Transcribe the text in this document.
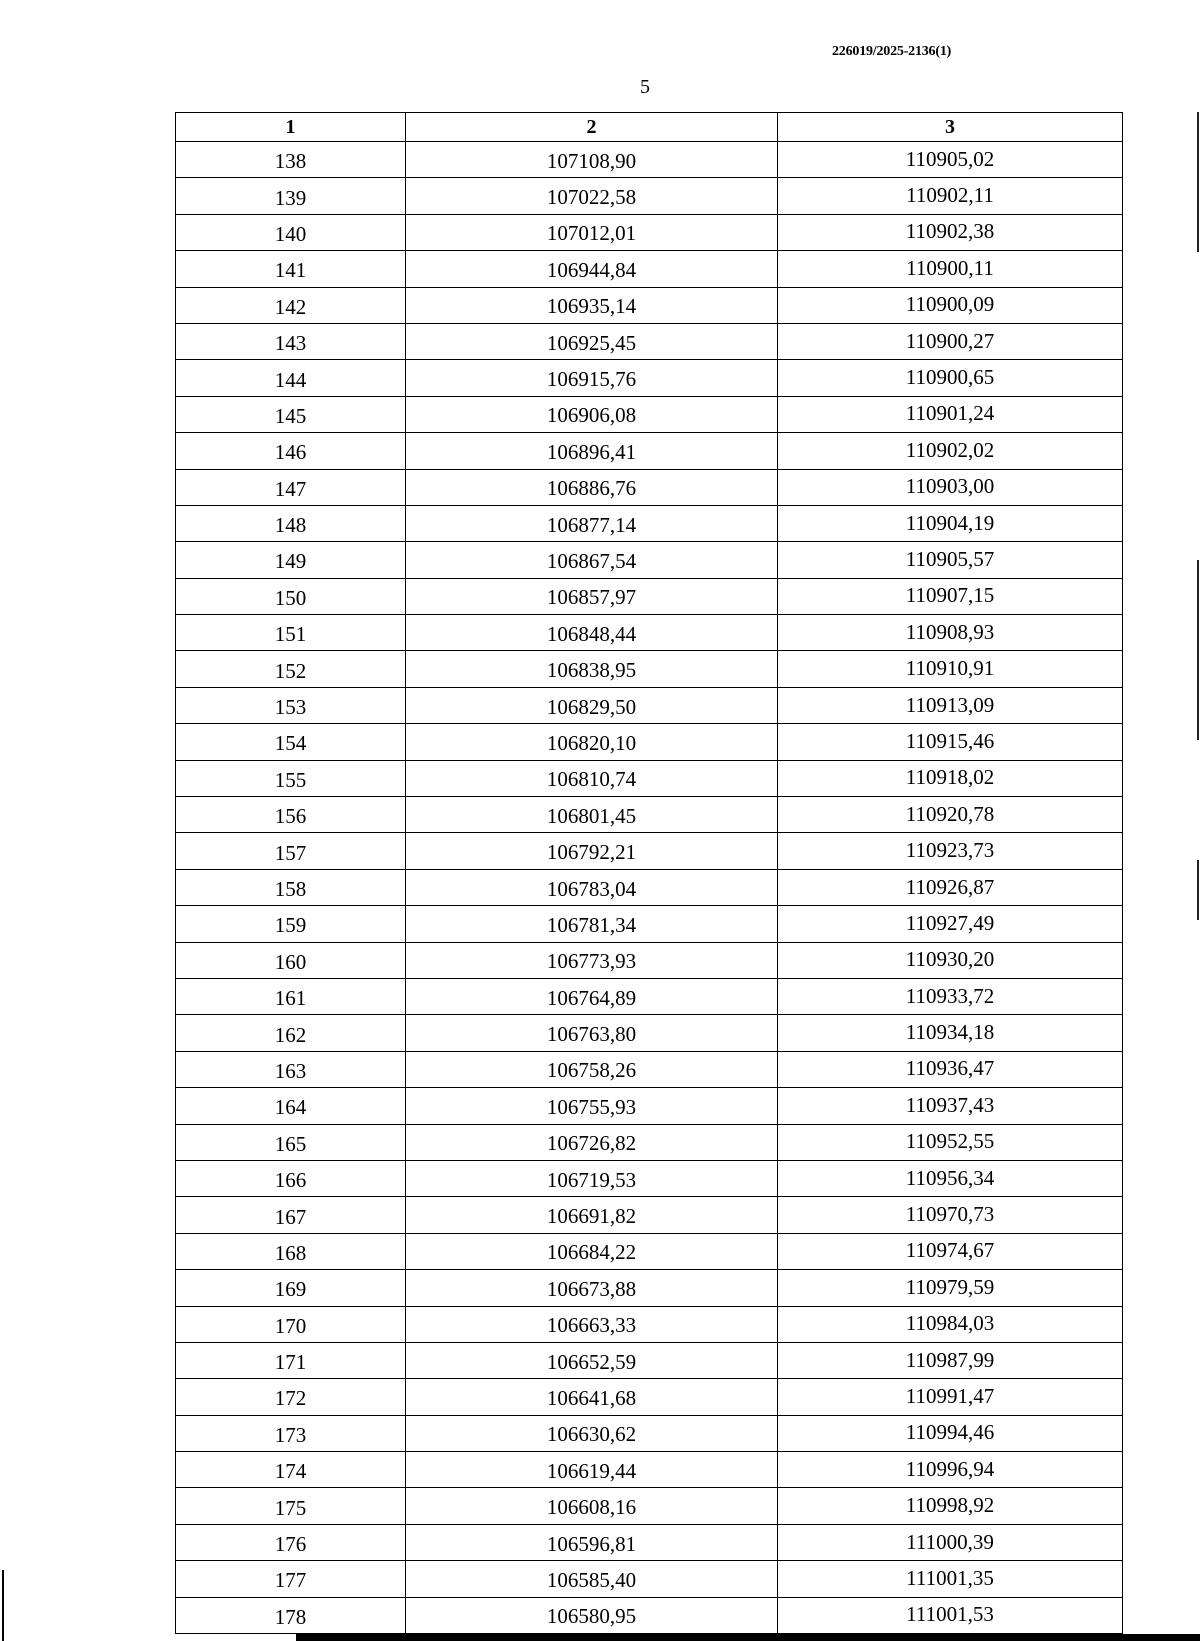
226019/2025-2136(1)
5
1	2	3
138	107108,90	110905,02
139	107022,58	110902,11
140	107012,01	110902,38
141	106944,84	110900,11
142	106935,14	110900,09
143	106925,45	110900,27
144	106915,76	110900,65
145	106906,08	110901,24
146	106896,41	110902,02
147	106886,76	110903,00
148	106877,14	110904,19
149	106867,54	110905,57
150	106857,97	110907,15
151	106848,44	110908,93
152	106838,95	110910,91
153	106829,50	110913,09
154	106820,10	110915,46
155	106810,74	110918,02
156	106801,45	110920,78
157	106792,21	110923,73
158	106783,04	110926,87
159	106781,34	110927,49
160	106773,93	110930,20
161	106764,89	110933,72
162	106763,80	110934,18
163	106758,26	110936,47
164	106755,93	110937,43
165	106726,82	110952,55
166	106719,53	110956,34
167	106691,82	110970,73
168	106684,22	110974,67
169	106673,88	110979,59
170	106663,33	110984,03
171	106652,59	110987,99
172	106641,68	110991,47
173	106630,62	110994,46
174	106619,44	110996,94
175	106608,16	110998,92
176	106596,81	111000,39
177	106585,40	111001,35
178	106580,95	111001,53
